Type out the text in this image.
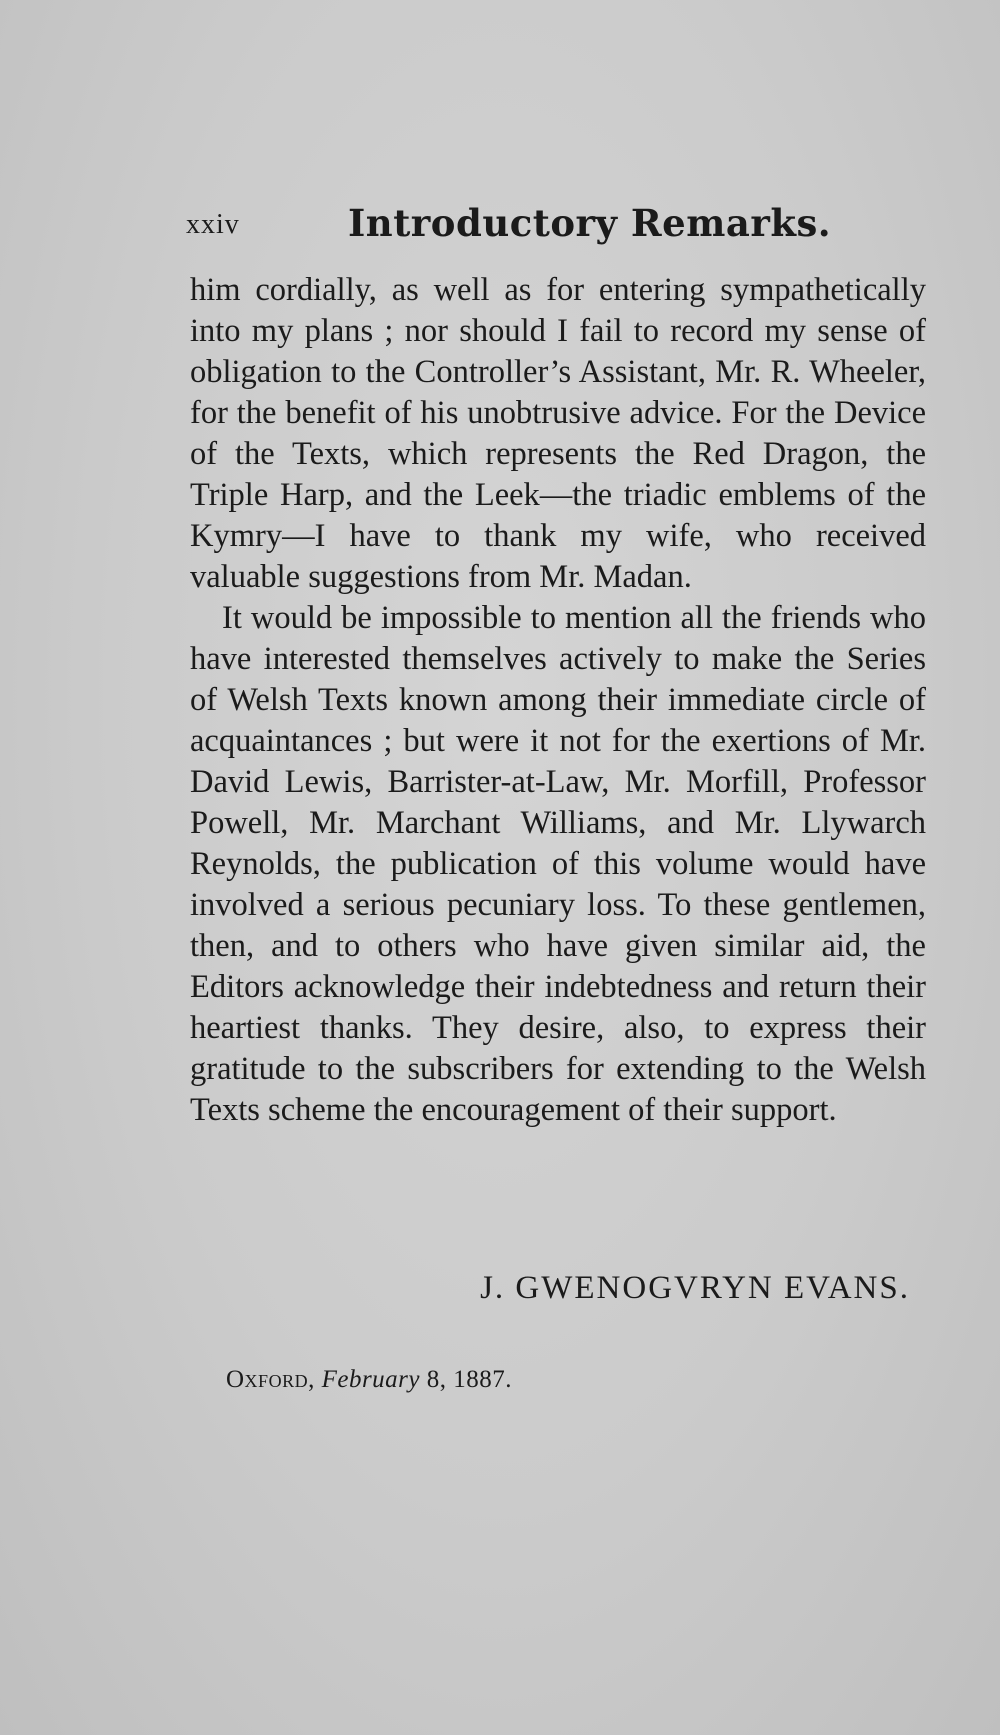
xxiv	Introductory Remarks.

him cordially, as well as for entering sympathetically into my plans ; nor should I fail to record my sense of obligation to the Controller’s Assistant, Mr. R. Wheeler, for the benefit of his unobtrusive advice. For the Device of the Texts, which represents the Red Dragon, the Triple Harp, and the Leek—the triadic emblems of the Kymry—I have to thank my wife, who received valuable suggestions from Mr. Madan.

It would be impossible to mention all the friends who have interested themselves actively to make the Series of Welsh Texts known among their immediate circle of acquaintances ; but were it not for the exertions of Mr. David Lewis, Barrister-at-Law, Mr. Morfill, Professor Powell, Mr. Marchant Williams, and Mr. Llywarch Reynolds, the publication of this volume would have involved a serious pecuniary loss. To these gentlemen, then, and to others who have given similar aid, the Editors acknowledge their indebtedness and return their heartiest thanks. They desire, also, to express their gratitude to the subscribers for extending to the Welsh Texts scheme the encouragement of their support.

J. GWENOGVRYN EVANS.
Oxford, February 8, 1887.
